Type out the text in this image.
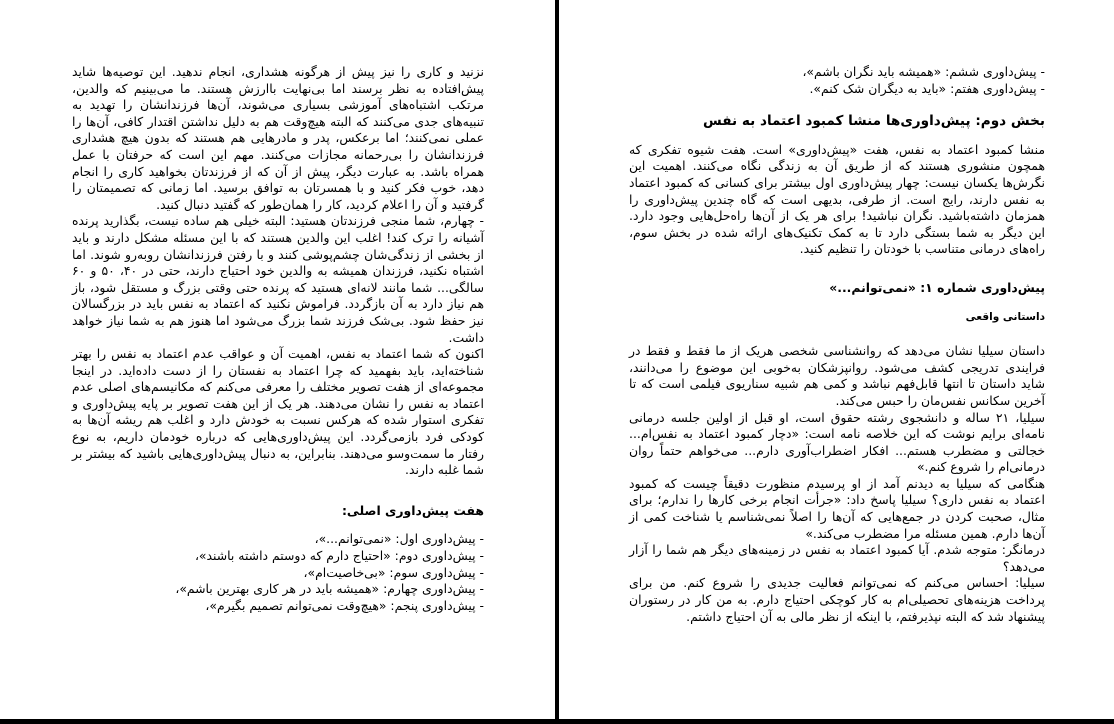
نزنید و کاری را نیز پیش از هرگونه هشداری، انجام ندهید. این توصیه‌ها شاید پیش‌افتاده به نظر برسند اما بی‌نهایت باارزش هستند. ما می‌بینیم که والدین، مرتکب اشتباه‌های آموزشی بسیاری می‌شوند، آن‌ها فرزندانشان را تهدید به تنبیه‌های جدی می‌کنند که البته هیچ‌وقت هم به دلیل نداشتن اقتدار کافی، آن‌ها را عملی نمی‌کنند؛ اما برعکس، پدر و مادرهایی هم هستند که بدون هیچ هشداری فرزندانشان را بی‌رحمانه مجازات می‌کنند. مهم این است که حرفتان با عمل همراه باشد. به عبارت دیگر، پیش از آن که از فرزندتان بخواهید کاری را انجام دهد، خوب فکر کنید و با همسرتان به توافق برسید. اما زمانی که تصمیمتان را گرفتید و آن را اعلام کردید، کار را همان‌طور که گفتید دنبال کنید.

- چهارم، شما منجی فرزندتان هستید: البته خیلی هم ساده نیست، بگذارید پرنده آشیانه را ترک کند! اغلب این والدین هستند که با این مسئله مشکل دارند و باید از بخشی از زندگی‌شان چشم‌پوشی کنند و با رفتن فرزندانشان روبه‌رو شوند. اما اشتباه نکنید، فرزندان همیشه به والدین خود احتیاج دارند، حتی در ۴۰، ۵۰ و ۶۰ سالگی... شما مانند لانه‌ای هستید که پرنده حتی وقتی بزرگ و مستقل شود، باز هم نیاز دارد به آن بازگردد. فراموش نکنید که اعتماد به نفس باید در بزرگسالان نیز حفظ شود. بی‌شک فرزند شما بزرگ می‌شود اما هنوز هم به شما نیاز خواهد داشت.

اکنون که شما اعتماد به نفس، اهمیت آن و عواقب عدم اعتماد به نفس را بهتر شناخته‌اید، باید بفهمید که چرا اعتماد به نفستان را از دست داده‌اید. در اینجا مجموعه‌ای از هفت تصویر مختلف را معرفی می‌کنم که مکانیسم‌های اصلی عدم اعتماد به نفس را نشان می‌دهند. هر یک از این هفت تصویر بر پایه پیش‌داوری و تفکری استوار شده که هرکس نسبت به خودش دارد و اغلب هم ریشه آن‌ها به کودکی فرد بازمی‌گردد. این پیش‌داوری‌هایی که درباره خودمان داریم، به نوع رفتار ما سمت‌وسو می‌دهند. بنابراین، به دنبال پیش‌داوری‌هایی باشید که بیشتر بر شما غلبه دارند.

هفت پیش‌داوری اصلی:
- پیش‌داوری اول: «نمی‌توانم...»،
- پیش‌داوری دوم: «احتیاج دارم که دوستم داشته باشند»،
- پیش‌داوری سوم: «بی‌خاصیت‌ام»،
- پیش‌داوری چهارم: «همیشه باید در هر کاری بهترین باشم»،
- پیش‌داوری پنجم: «هیچ‌وقت نمی‌توانم تصمیم بگیرم»،
- پیش‌داوری ششم: «همیشه باید نگران باشم»،
- پیش‌داوری هفتم: «باید به دیگران شک کنم».
بخش دوم: پیش‌داوری‌ها منشا کمبود اعتماد به نفس

منشا کمبود اعتماد به نفس، هفت «پیش‌داوری» است. هفت شیوه تفکری که همچون منشوری هستند که از طریق آن به زندگی نگاه می‌کنند. اهمیت این نگرش‌ها یکسان نیست: چهار پیش‌داوری اول بیشتر برای کسانی که کمبود اعتماد به نفس دارند، رایج است. از طرفی، بدیهی است که گاه چندین پیش‌داوری را همزمان داشته‌باشید. نگران نباشید! برای هر یک از آن‌ها راه‌حل‌هایی وجود دارد. این دیگر به شما بستگی دارد تا به کمک تکنیک‌های ارائه شده در بخش سوم، راه‌های درمانی متناسب با خودتان را تنظیم کنید.

پیش‌داوری شماره ۱: «نمی‌توانم...»
داستانی واقعی

داستان سیلیا نشان می‌دهد که روانشناسی شخصی هریک از ما فقط و فقط در فرایندی تدریجی کشف می‌شود. روانپزشکان به‌خوبی این موضوع را می‌دانند، شاید داستان تا انتها قابل‌فهم نباشد و کمی هم شبیه سناریوی فیلمی است که تا آخرین سکانس نفس‌مان را حبس می‌کند.

سیلیا، ۲۱ ساله و دانشجوی رشته حقوق است، او قبل از اولین جلسه درمانی نامه‌ای برایم نوشت که این خلاصه نامه است: «دچار کمبود اعتماد به نفس‌ام... خجالتی و مضطرب هستم... افکار اضطراب‌آوری دارم... می‌خواهم حتماً روان درمانی‌ام را شروع کنم.»

هنگامی که سیلیا به دیدنم آمد از او پرسیدم منظورت دقیقاً چیست که کمبود اعتماد به نفس داری؟ سیلیا پاسخ داد: «جرأت انجام برخی کارها را ندارم؛ برای مثال، صحبت کردن در جمع‌هایی که آن‌ها را اصلاً نمی‌شناسم یا شناخت کمی از آن‌ها دارم. همین مسئله مرا مضطرب می‌کند.»

درمانگر: متوجه شدم. آیا کمبود اعتماد به نفس در زمینه‌های دیگر هم شما را آزار می‌دهد؟

سیلیا: احساس می‌کنم که نمی‌توانم فعالیت جدیدی را شروع کنم. من برای پرداخت هزینه‌های تحصیلی‌ام به کار کوچکی احتیاج دارم. به من کار در رستوران پیشنهاد شد که البته نپذیرفتم، با اینکه از نظر مالی به آن احتیاج داشتم.
